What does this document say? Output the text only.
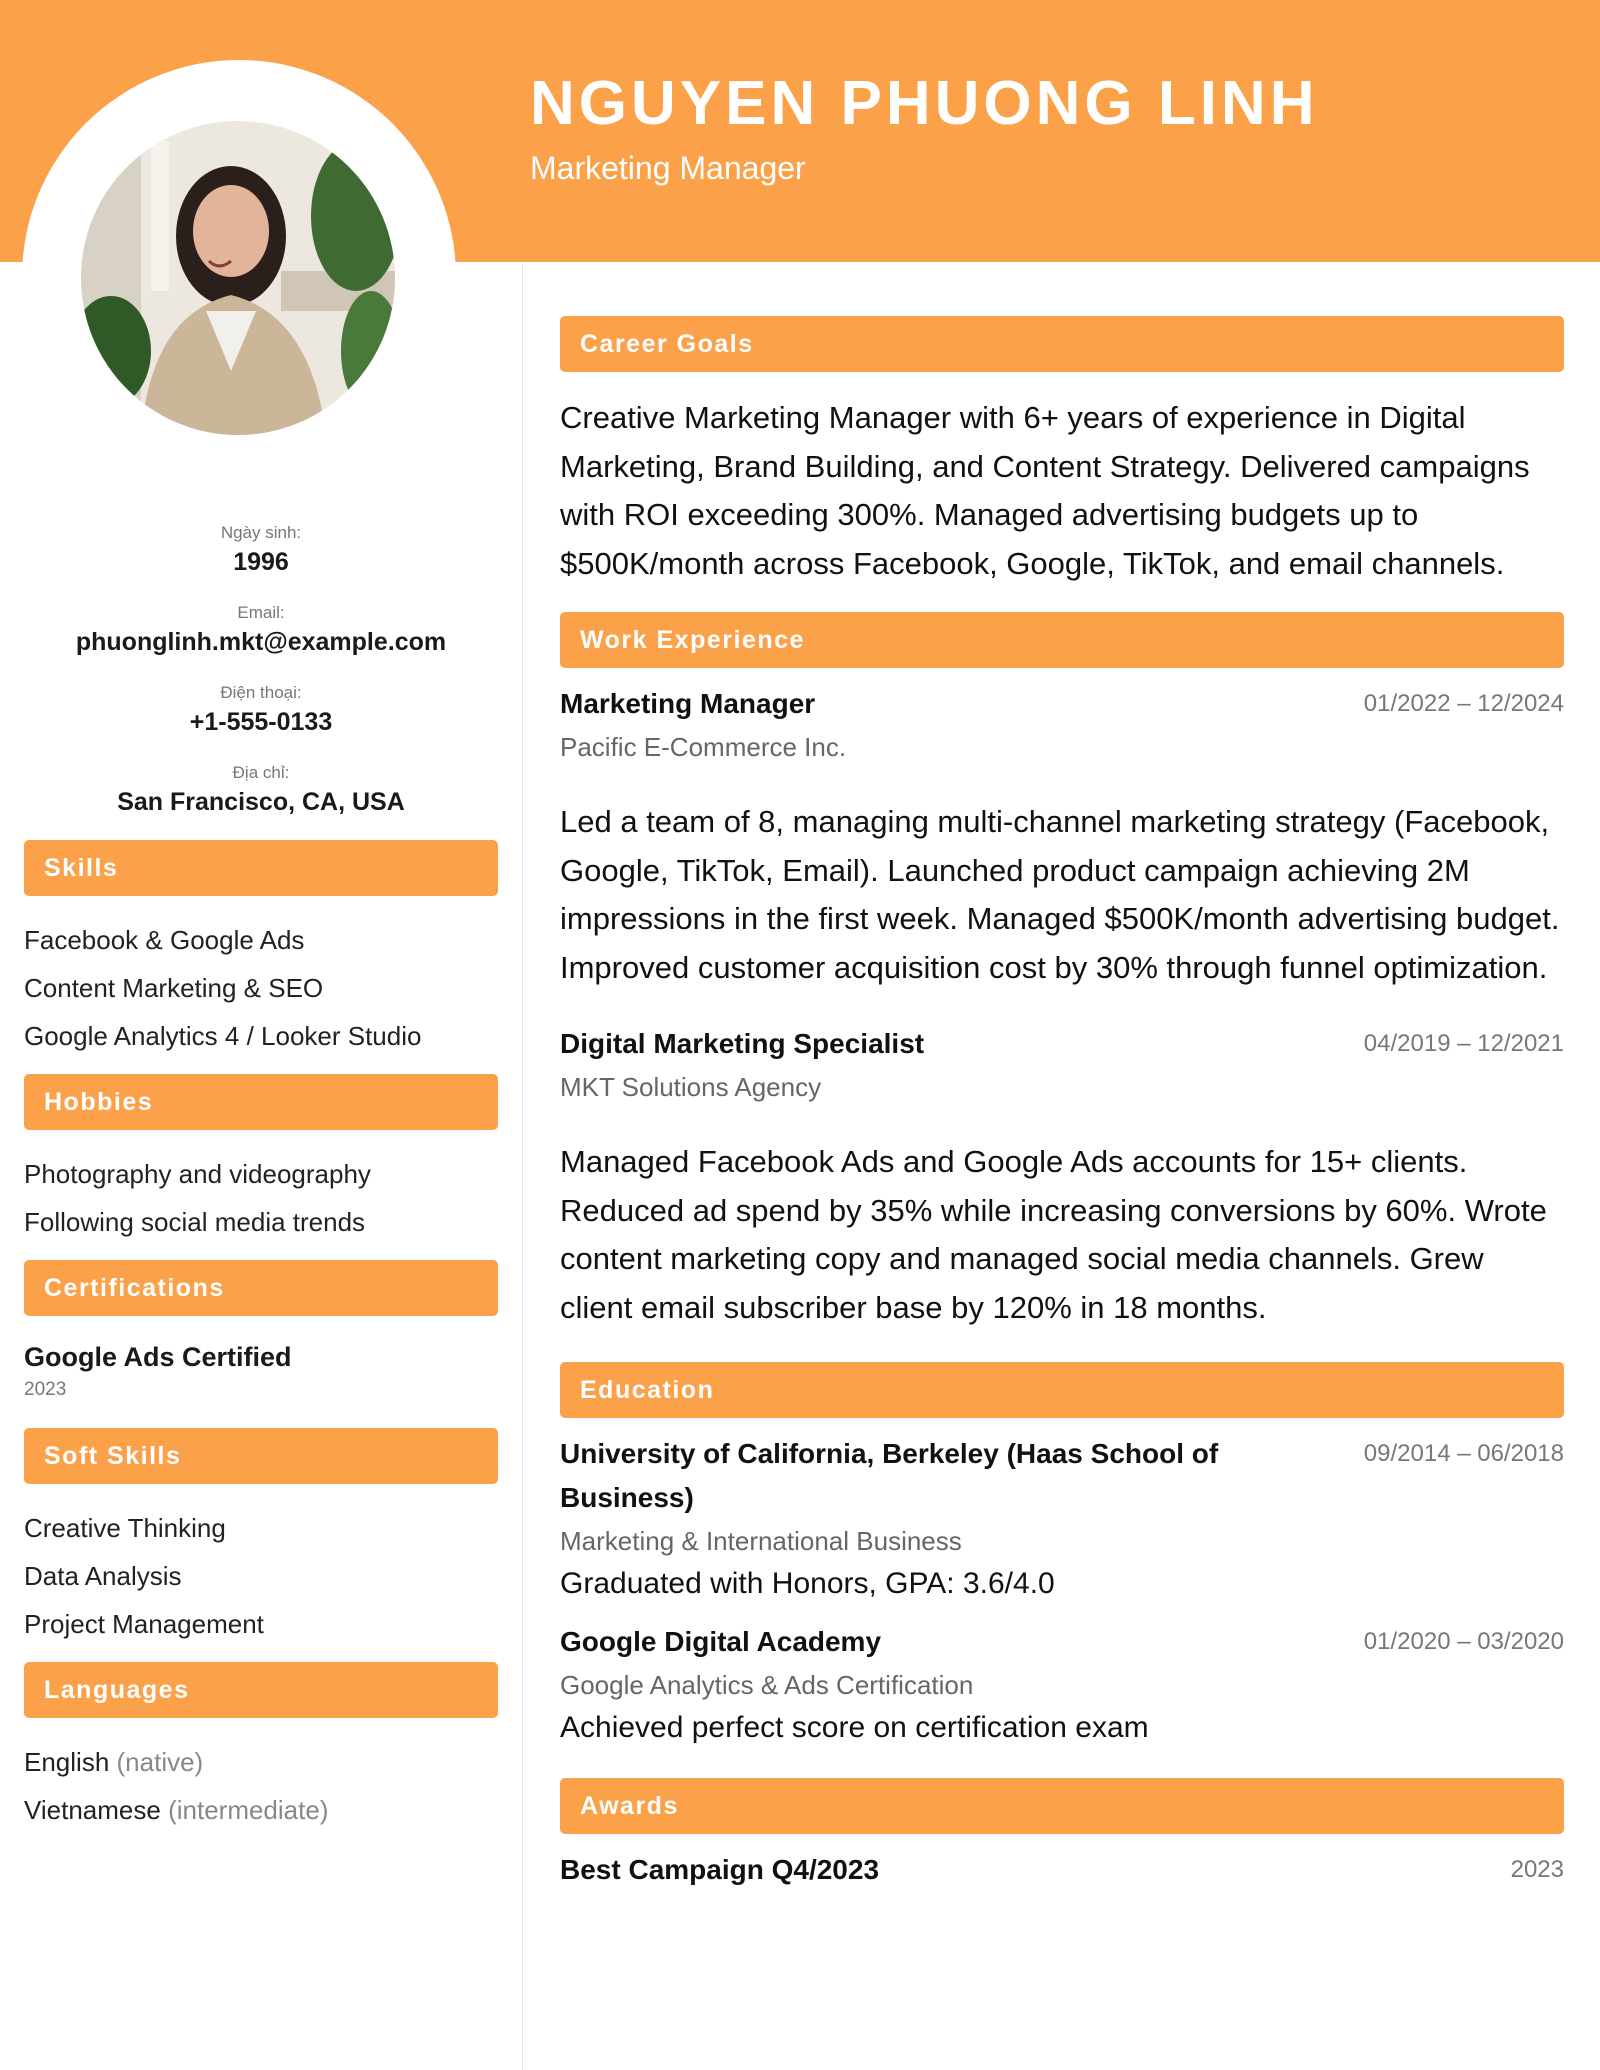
NGUYEN PHUONG LINH
Marketing Manager
Ngày sinh:
1996
Email:
phuonglinh.mkt@example.com
Điện thoại:
+1-555-0133
Địa chỉ:
San Francisco, CA, USA
Skills
Facebook & Google Ads
Content Marketing & SEO
Google Analytics 4 / Looker Studio
Hobbies
Photography and videography
Following social media trends
Certifications
Google Ads Certified
2023
Soft Skills
Creative Thinking
Data Analysis
Project Management
Languages
English (native)
Vietnamese (intermediate)
Career Goals
Creative Marketing Manager with 6+ years of experience in Digital Marketing, Brand Building, and Content Strategy. Delivered campaigns with ROI exceeding 300%. Managed advertising budgets up to $500K/month across Facebook, Google, TikTok, and email channels.
Work Experience
Marketing Manager	01/2022 – 12/2024
Pacific E-Commerce Inc.
Led a team of 8, managing multi-channel marketing strategy (Facebook, Google, TikTok, Email). Launched product campaign achieving 2M impressions in the first week. Managed $500K/month advertising budget. Improved customer acquisition cost by 30% through funnel optimization.
Digital Marketing Specialist	04/2019 – 12/2021
MKT Solutions Agency
Managed Facebook Ads and Google Ads accounts for 15+ clients. Reduced ad spend by 35% while increasing conversions by 60%. Wrote content marketing copy and managed social media channels. Grew client email subscriber base by 120% in 18 months.
Education
University of California, Berkeley (Haas School of Business)
09/2014 – 06/2018
Marketing & International Business
Graduated with Honors, GPA: 3.6/4.0
Google Digital Academy	01/2020 – 03/2020
Google Analytics & Ads Certification
Achieved perfect score on certification exam
Awards
Best Campaign Q4/2023	2023
